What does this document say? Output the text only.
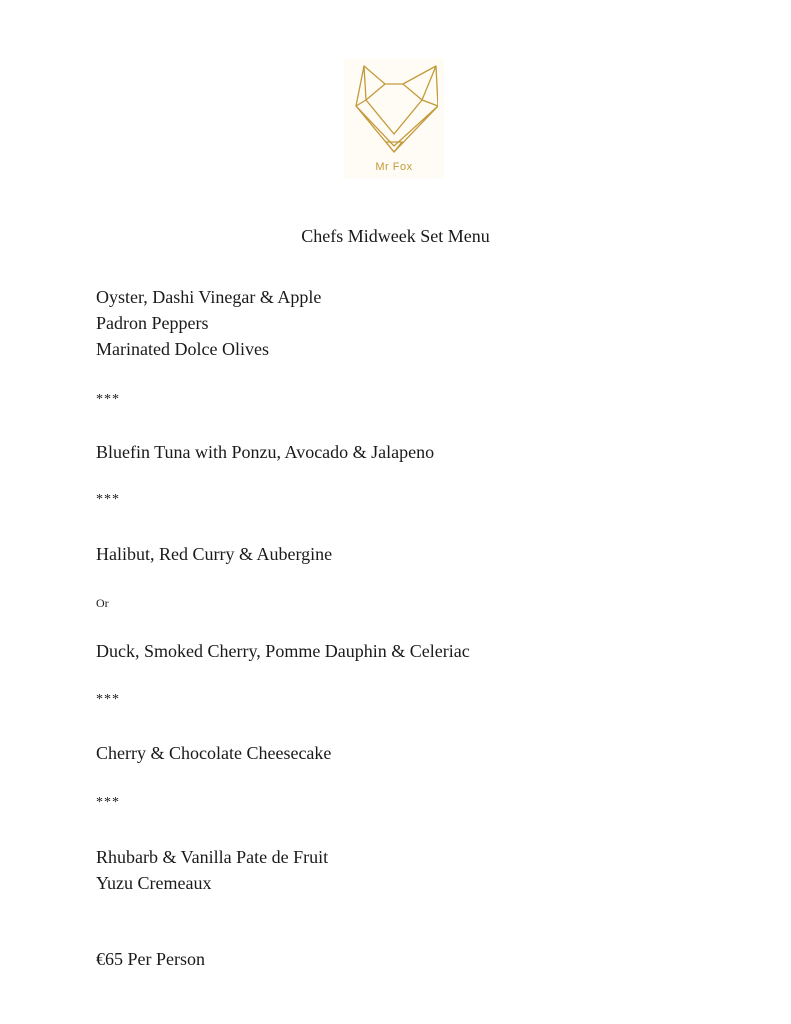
Mr Fox
Chefs Midweek Set Menu
Oyster, Dashi Vinegar & Apple
Padron Peppers
Marinated Dolce Olives
***
Bluefin Tuna with Ponzu, Avocado & Jalapeno
***
Halibut, Red Curry & Aubergine
Or
Duck, Smoked Cherry, Pomme Dauphin & Celeriac
***
Cherry & Chocolate Cheesecake
***
Rhubarb & Vanilla Pate de Fruit
Yuzu Cremeaux
€65 Per Person
